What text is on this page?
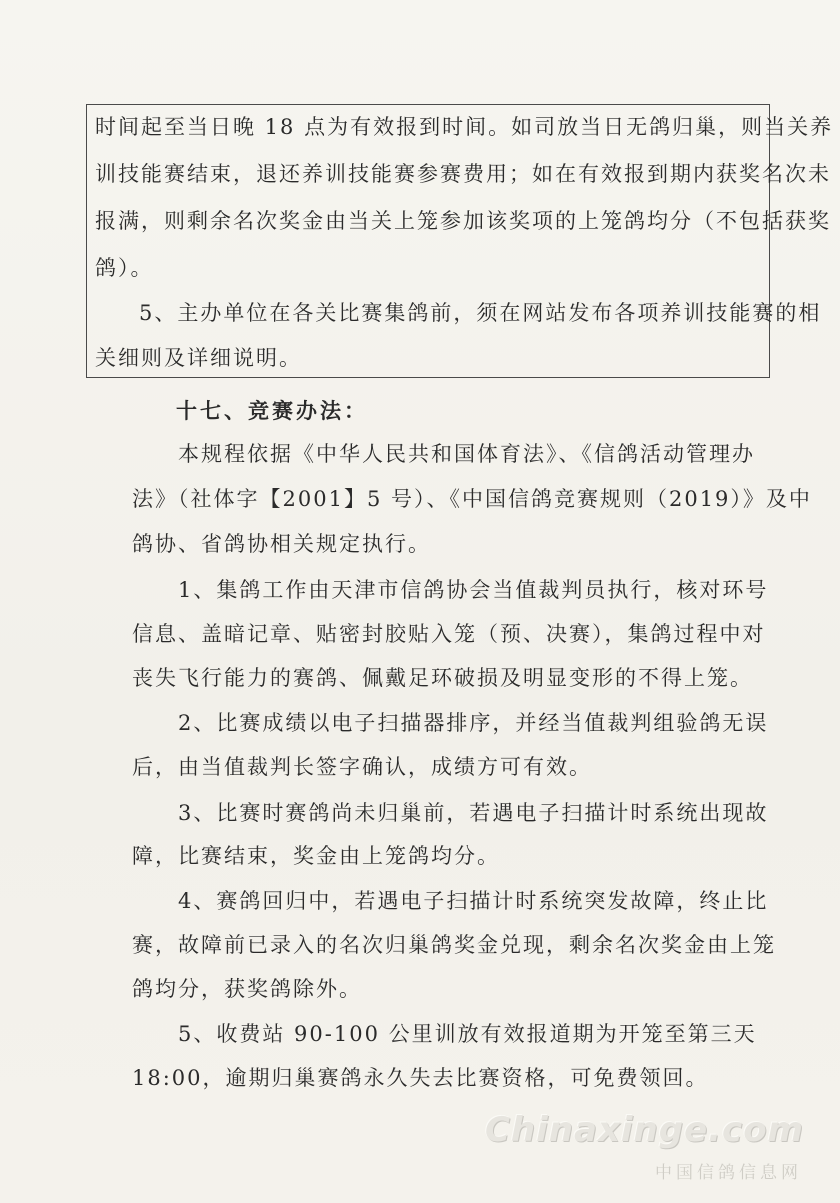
时间起至当日晚 18 点为有效报到时间。如司放当日无鸽归巢，则当关养
训技能赛结束，退还养训技能赛参赛费用；如在有效报到期内获奖名次未
报满，则剩余名次奖金由当关上笼参加该奖项的上笼鸽均分（不包括获奖
鸽）。
5、主办单位在各关比赛集鸽前，须在网站发布各项养训技能赛的相
关细则及详细说明。
十七、竞赛办法：
本规程依据《中华人民共和国体育法》、《信鸽活动管理办
法》（社体字【2001】5 号）、《中国信鸽竞赛规则（2019）》及中
鸽协、省鸽协相关规定执行。
1、集鸽工作由天津市信鸽协会当值裁判员执行，核对环号
信息、盖暗记章、贴密封胶贴入笼（预、决赛），集鸽过程中对
丧失飞行能力的赛鸽、佩戴足环破损及明显变形的不得上笼。
2、比赛成绩以电子扫描器排序，并经当值裁判组验鸽无误
后，由当值裁判长签字确认，成绩方可有效。
3、比赛时赛鸽尚未归巢前，若遇电子扫描计时系统出现故
障，比赛结束，奖金由上笼鸽均分。
4、赛鸽回归中，若遇电子扫描计时系统突发故障，终止比
赛，故障前已录入的名次归巢鸽奖金兑现，剩余名次奖金由上笼
鸽均分，获奖鸽除外。
5、收费站 90-100 公里训放有效报道期为开笼至第三天
18:00，逾期归巢赛鸽永久失去比赛资格，可免费领回。
Chinaxinge.com
中国信鸽信息网
